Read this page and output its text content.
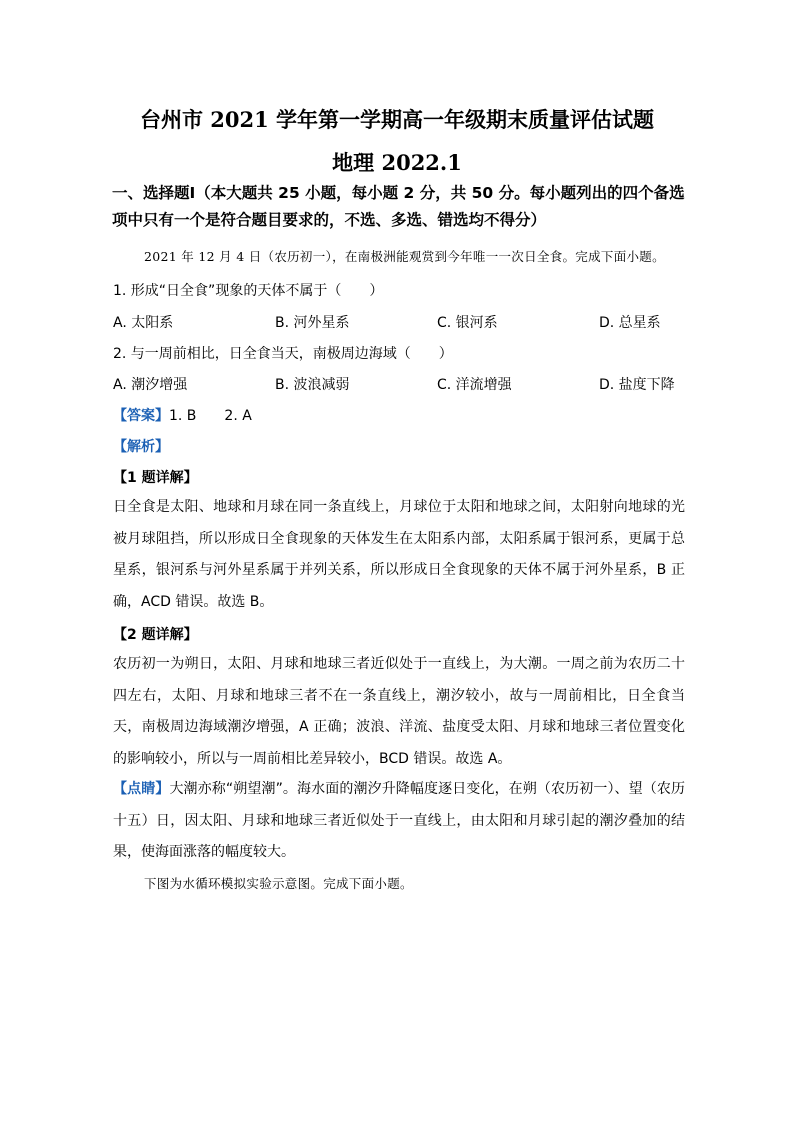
台州市 2021 学年第一学期高一年级期末质量评估试题
地理 2022.1
一、选择题Ⅰ（本大题共 25 小题，每小题 2 分，共 50 分。每小题列出的四个备选项中只有一个是符合题目要求的，不选、多选、错选均不得分）
2021 年 12 月 4 日（农历初一），在南极洲能观赏到今年唯一一次日全食。完成下面小题。
1. 形成“日全食”现象的天体不属于（　　）
A. 太阳系	B. 河外星系	C. 银河系	D. 总星系
2. 与一周前相比，日全食当天，南极周边海域（　　）
A. 潮汐增强	B. 波浪减弱	C. 洋流增强	D. 盐度下降
【答案】1. B　　2. A
【解析】
【1 题详解】
日全食是太阳、地球和月球在同一条直线上，月球位于太阳和地球之间，太阳射向地球的光被月球阻挡，所以形成日全食现象的天体发生在太阳系内部，太阳系属于银河系，更属于总星系，银河系与河外星系属于并列关系，所以形成日全食现象的天体不属于河外星系，B 正确，ACD 错误。故选 B。
【2 题详解】
农历初一为朔日，太阳、月球和地球三者近似处于一直线上，为大潮。一周之前为农历二十四左右，太阳、月球和地球三者不在一条直线上，潮汐较小，故与一周前相比，日全食当天，南极周边海域潮汐增强，A 正确；波浪、洋流、盐度受太阳、月球和地球三者位置变化的影响较小，所以与一周前相比差异较小，BCD 错误。故选 A。
【点睛】大潮亦称“朔望潮”。海水面的潮汐升降幅度逐日变化，在朔（农历初一）、望（农历十五）日，因太阳、月球和地球三者近似处于一直线上，由太阳和月球引起的潮汐叠加的结果，使海面涨落的幅度较大。
下图为水循环模拟实验示意图。完成下面小题。
